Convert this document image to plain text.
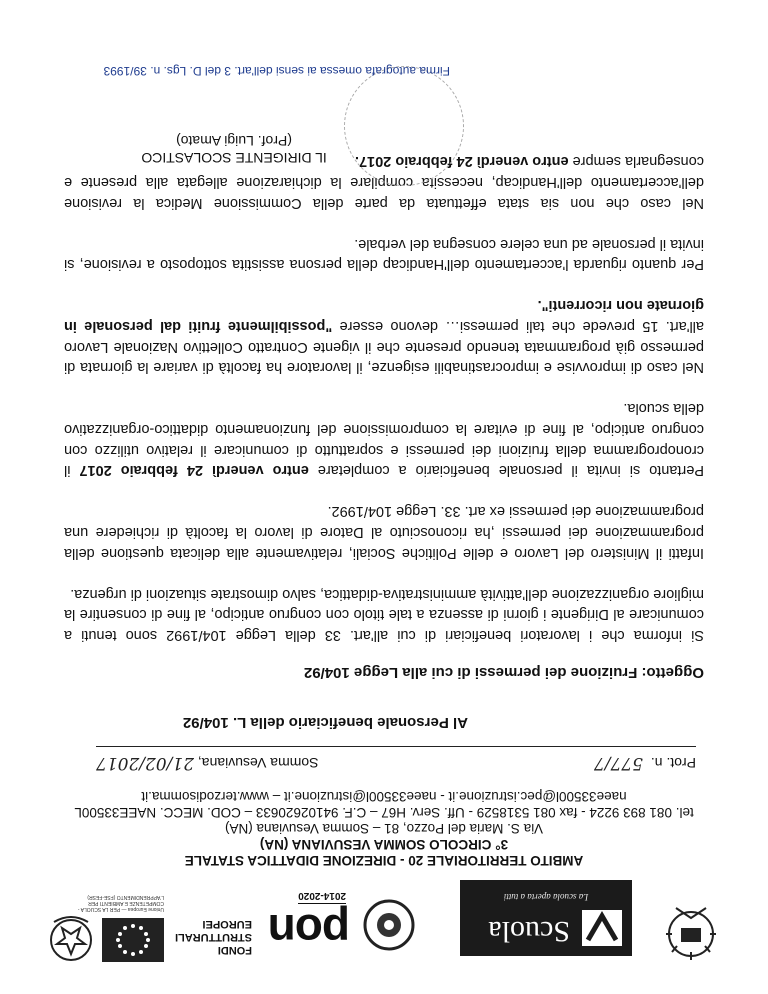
Scuola
La scuola aperta a tutti
pon
2014-2020
FONDI
STRUTTURALI
EUROPEI
Unione Europea — PER LA SCUOLA - COMPETENZE E AMBIENTI PER L'APPRENDIMENTO (FSE-FESR)
AMBITO TERRITORIALE 20 - DIREZIONE DIDATTICA STATALE
3° CIRCOLO SOMMA VESUVIANA (NA)
Via S. Maria del Pozzo, 81 – Somma Vesuviana (NA)
tel. 081 893 9224 - fax 081 5318529 - Uff. Serv. H67 – C.F. 94102620633 – COD. MECC. NAEE33500L
naee33500l@pec.istruzione.it - naee33500l@istruzione.it – www.terzodisomma.it
Prot. n. 577/7
Somma Vesuviana, 21/02/2017
Al Personale beneficiario della L. 104/92
Oggetto: Fruizione dei permessi di cui alla Legge 104/92

Si informa che i lavoratori beneficiari di cui all'art. 33 della Legge 104/1992 sono tenuti a comunicare al Dirigente i giorni di assenza a tale titolo con congruo anticipo, al fine di consentire la migliore organizzazione dell'attività amministrativa-didattica, salvo dimostrate situazioni di urgenza.

Infatti il Ministero del Lavoro e delle Politiche Sociali, relativamente alla delicata questione della programmazione dei permessi ,ha riconosciuto al Datore di lavoro la facoltà di richiedere una programmazione dei permessi ex art. 33. Legge 104/1992.

Pertanto si invita il personale beneficiario a completare entro venerdì 24 febbraio 2017 il cronoprogramma della fruizioni dei permessi e soprattutto di comunicare il relativo utilizzo con congruo anticipo, al fine di evitare la compromissione del funzionamento didattico-organizzativo della scuola.

Nel caso di improvvise e improcrastinabili esigenze, il lavoratore ha facoltà di variare la giornata di permesso già programmata tenendo presente che il vigente Contratto Collettivo Nazionale Lavoro all'art. 15 prevede che tali permessi… devono essere "possibilmente fruiti dal personale in giornate non ricorrenti".

Per quanto riguarda l'accertamento dell'Handicap della persona assistita sottoposto a revisione, si invita il personale ad una celere consegna del verbale.

Nel caso che non sia stata effettuata da parte della Commissione Medica la revisione dell'accertamento dell'Handicap, necessita compilare la dichiarazione allegata alla presente e consegnarla sempre entro venerdì 24 febbraio 2017.

IL DIRIGENTE SCOLASTICO
(Prof. Luigi Amato)
Firma autografa omessa ai sensi dell'art. 3 del D. Lgs. n. 39/1993
